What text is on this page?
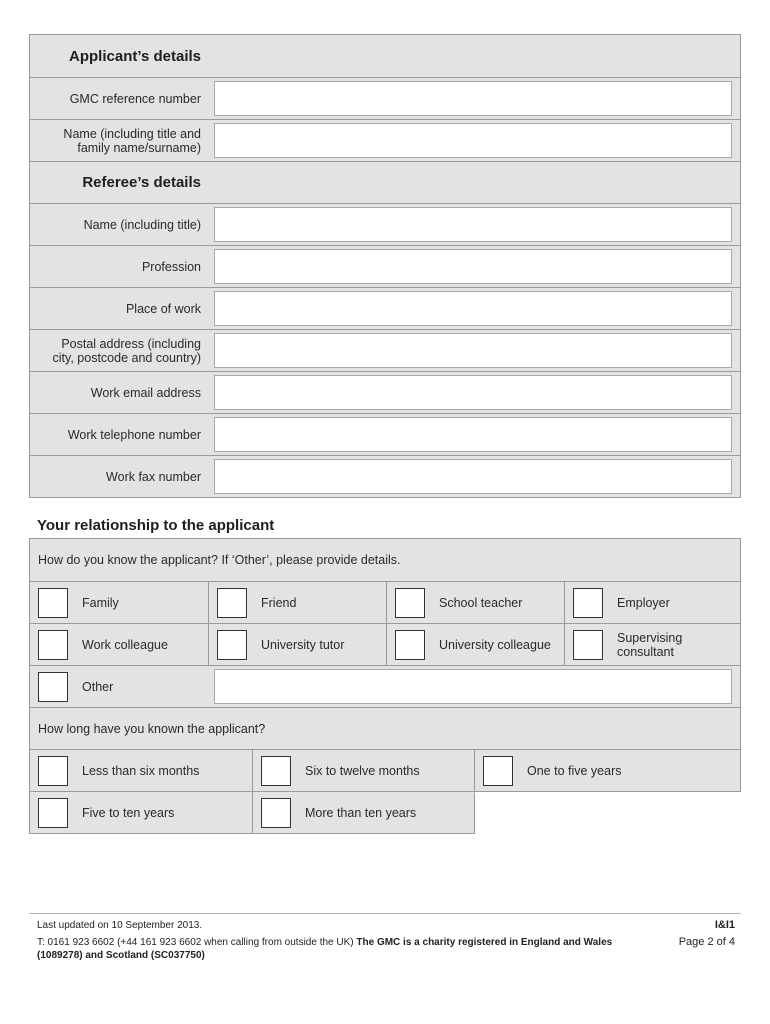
Applicant’s details
GMC reference number
Name (including title and
family name/surname)
Referee’s details
Name (including title)
Profession
Place of work
Postal address (including
city, postcode and country)
Work email address
Work telephone number
Work fax number
Your relationship to the applicant
How do you know the applicant? If ‘Other’, please provide details.
Family	Friend	School teacher	Employer
Work colleague	University tutor	University colleague	Supervising
consultant
Other
How long have you known the applicant?
Less than six months	Six to twelve months	One to five years
Five to ten years	More than ten years
Last updated on 10 September 2013.
T: 0161 923 6602 (+44 161 923 6602 when calling from outside the UK) The GMC is a charity registered in England and Wales (1089278) and Scotland (SC037750)
I&I1
Page 2 of 4
